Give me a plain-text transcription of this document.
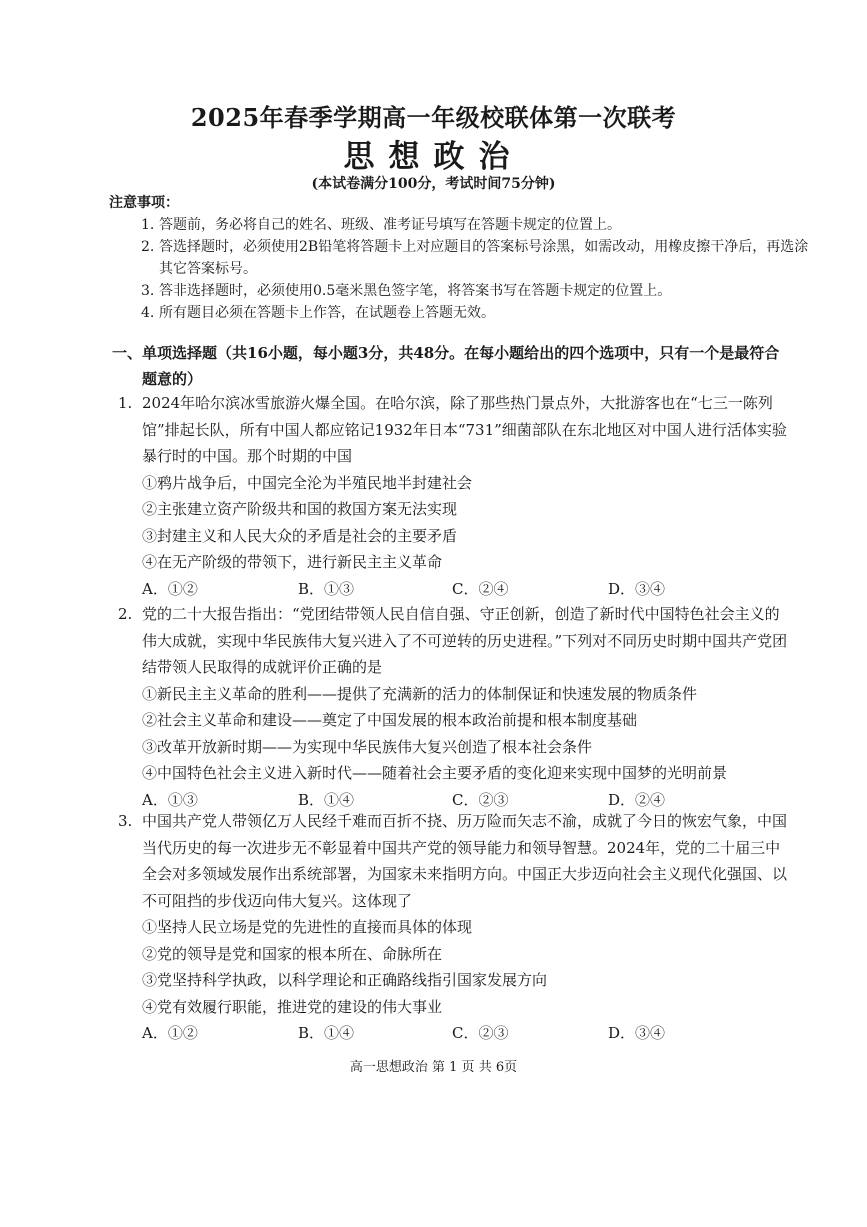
2025年春季学期高一年级校联体第一次联考
思想政治
(本试卷满分100分，考试时间75分钟)
注意事项：
1. 答题前，务必将自己的姓名、班级、准考证号填写在答题卡规定的位置上。
2. 答选择题时，必须使用2B铅笔将答题卡上对应题目的答案标号涂黑，如需改动，用橡皮擦干净后，再选涂其它答案标号。
3. 答非选择题时，必须使用0.5毫米黑色签字笔，将答案书写在答题卡规定的位置上。
4. 所有题目必须在答题卡上作答，在试题卷上答题无效。
一、 单项选择题（共16小题，每小题3分，共48分。在每小题给出的四个选项中，只有一个是最符合题意的）
1. 2024年哈尔滨冰雪旅游火爆全国。在哈尔滨，除了那些热门景点外，大批游客也在“七三一陈列馆”排起长队，所有中国人都应铭记1932年日本“731”细菌部队在东北地区对中国人进行活体实验暴行时的中国。那个时期的中国
①鸦片战争后，中国完全沦为半殖民地半封建社会
②主张建立资产阶级共和国的救国方案无法实现
③封建主义和人民大众的矛盾是社会的主要矛盾
④在无产阶级的带领下，进行新民主主义革命
A．①②	B．①③	C．②④	D．③④
2. 党的二十大报告指出：“党团结带领人民自信自强、守正创新，创造了新时代中国特色社会主义的伟大成就，实现中华民族伟大复兴进入了不可逆转的历史进程。”下列对不同历史时期中国共产党团结带领人民取得的成就评价正确的是
①新民主主义革命的胜利——提供了充满新的活力的体制保证和快速发展的物质条件
②社会主义革命和建设——奠定了中国发展的根本政治前提和根本制度基础
③改革开放新时期——为实现中华民族伟大复兴创造了根本社会条件
④中国特色社会主义进入新时代——随着社会主要矛盾的变化迎来实现中国梦的光明前景
A．①③	B．①④	C．②③	D．②④
3. 中国共产党人带领亿万人民经千难而百折不挠、历万险而矢志不渝，成就了今日的恢宏气象，中国当代历史的每一次进步无不彰显着中国共产党的领导能力和领导智慧。2024年，党的二十届三中全会对多领域发展作出系统部署，为国家未来指明方向。中国正大步迈向社会主义现代化强国、以不可阻挡的步伐迈向伟大复兴。这体现了
①坚持人民立场是党的先进性的直接而具体的体现
②党的领导是党和国家的根本所在、命脉所在
③党坚持科学执政，以科学理论和正确路线指引国家发展方向
④党有效履行职能，推进党的建设的伟大事业
A．①②	B．①④	C．②③	D．③④
高一思想政治 第 1 页 共 6页
